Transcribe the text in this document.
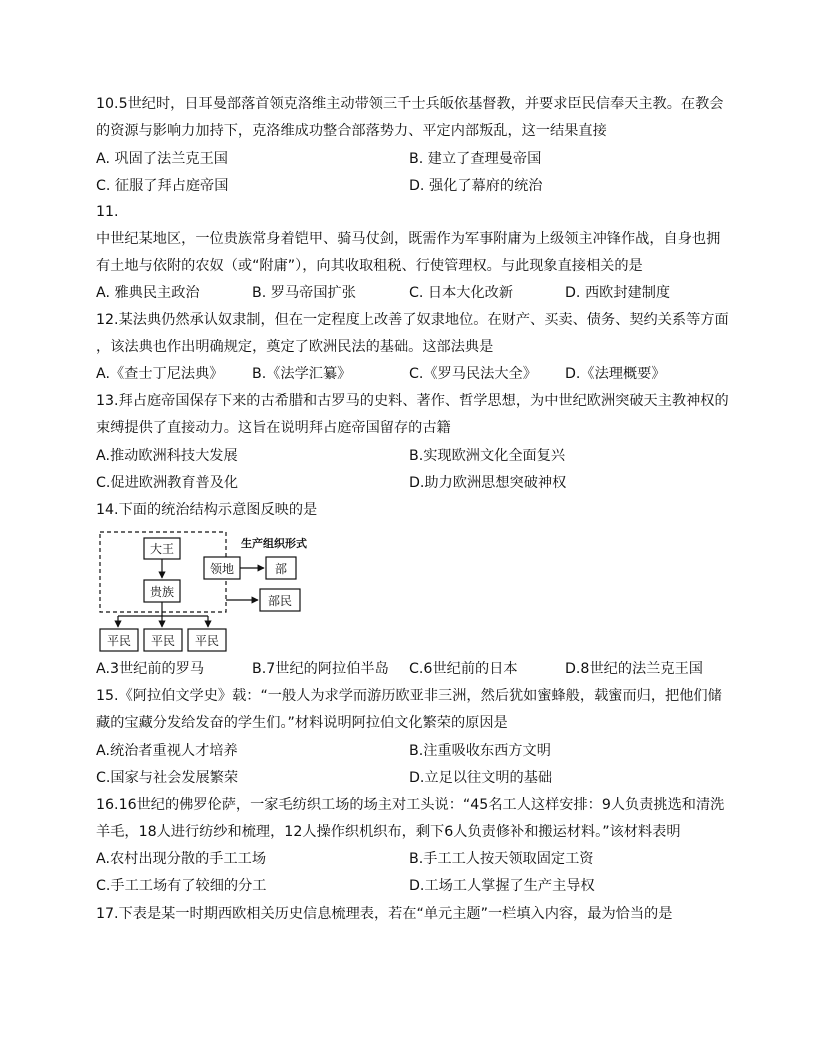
10.5世纪时，日耳曼部落首领克洛维主动带领三千士兵皈依基督教，并要求臣民信奉天主教。在教会
的资源与影响力加持下，克洛维成功整合部落势力、平定内部叛乱，这一结果直接
A. 巩固了法兰克王国	B. 建立了查理曼帝国
C. 征服了拜占庭帝国	D. 强化了幕府的统治
11.
中世纪某地区，一位贵族常身着铠甲、骑马仗剑，既需作为军事附庸为上级领主冲锋作战，自身也拥
有土地与依附的农奴（或“附庸”），向其收取租税、行使管理权。与此现象直接相关的是
A. 雅典民主政治	B. 罗马帝国扩张	C. 日本大化改新	D. 西欧封建制度
12.某法典仍然承认奴隶制，但在一定程度上改善了奴隶地位。在财产、买卖、债务、契约关系等方面
，该法典也作出明确规定，奠定了欧洲民法的基础。这部法典是
A.《查士丁尼法典》 B.《法学汇纂》	C.《罗马民法大全》 D.《法理概要》
13.拜占庭帝国保存下来的古希腊和古罗马的史料、著作、哲学思想，为中世纪欧洲突破天主教神权的
束缚提供了直接动力。这旨在说明拜占庭帝国留存的古籍
A.推动欧洲科技大发展	B.实现欧洲文化全面复兴
C.促进欧洲教育普及化	D.助力欧洲思想突破神权
14.下面的统治结构示意图反映的是
大王
贵族
领地
生产组织形式
部
部民
平民 平民 平民
A.3世纪前的罗马	B.7世纪的阿拉伯半岛 C.6世纪前的日本	D.8世纪的法兰克王国
15.《阿拉伯文学史》载：“一般人为求学而游历欧亚非三洲，然后犹如蜜蜂般，载蜜而归，把他们储
藏的宝藏分发给发奋的学生们。”材料说明阿拉伯文化繁荣的原因是
A.统治者重视人才培养	B.注重吸收东西方文明
C.国家与社会发展繁荣	D.立足以往文明的基础
16.16世纪的佛罗伦萨，一家毛纺织工场的场主对工头说：“45名工人这样安排：9人负责挑选和清洗
羊毛，18人进行纺纱和梳理，12人操作织机织布，剩下6人负责修补和搬运材料。”该材料表明
A.农村出现分散的手工工场	B.手工工人按天领取固定工资
C.手工工场有了较细的分工	D.工场工人掌握了生产主导权
17.下表是某一时期西欧相关历史信息梳理表，若在“单元主题”一栏填入内容，最为恰当的是
